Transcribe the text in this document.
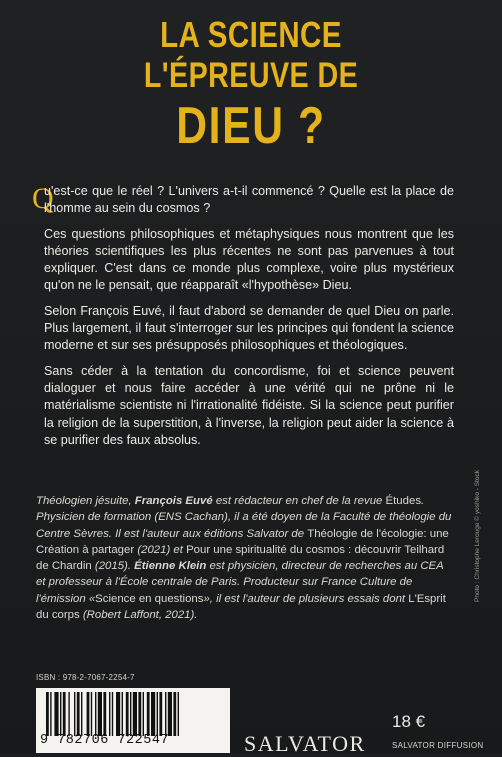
LA SCIENCE
L'ÉPREUVE DE
DIEU ?
Q

u'est-ce que le réel ? L'univers a-t-il commencé ? Quelle est la place de l'homme au sein du cosmos ?

Ces questions philosophiques et métaphysiques nous montrent que les théories scientifiques les plus récentes ne sont pas parvenues à tout expliquer. C'est dans ce monde plus complexe, voire plus mystérieux qu'on ne le pensait, que réapparaît «l'hypothèse» Dieu.

Selon François Euvé, il faut d'abord se demander de quel Dieu on parle. Plus largement, il faut s'interroger sur les principes qui fondent la science moderne et sur ses présupposés philosophiques et théologiques.

Sans céder à la tentation du concordisme, foi et science peuvent dialoguer et nous faire accéder à une vérité qui ne prône ni le matérialisme scientiste ni l'irrationalité fidéiste. Si la science peut purifier la religion de la superstition, à l'inverse, la religion peut aider la science à se purifier des faux absolus.

Théologien jésuite, François Euvé est rédacteur en chef de la revue Études. Physicien de formation (ENS Cachan), il a été doyen de la Faculté de théologie du Centre Sèvres. Il est l'auteur aux éditions Salvator de Théologie de l'écologie: une Création à partager (2021) et Pour une spiritualité du cosmos : découvrir Teilhard de Chardin (2015). Étienne Klein est physicien, directeur de recherches au CEA et professeur à l'École centrale de Paris. Producteur sur France Culture de l'émission «Science en questions», il est l'auteur de plusieurs essais dont L'Esprit du corps (Robert Laffont, 2021).
Photo : Christophe Lerouge © yoshiko - Stock
ISBN : 978-2-7067-2254-7
9 782706 722547
18 €
SALVATOR	SALVATOR DIFFUSION
